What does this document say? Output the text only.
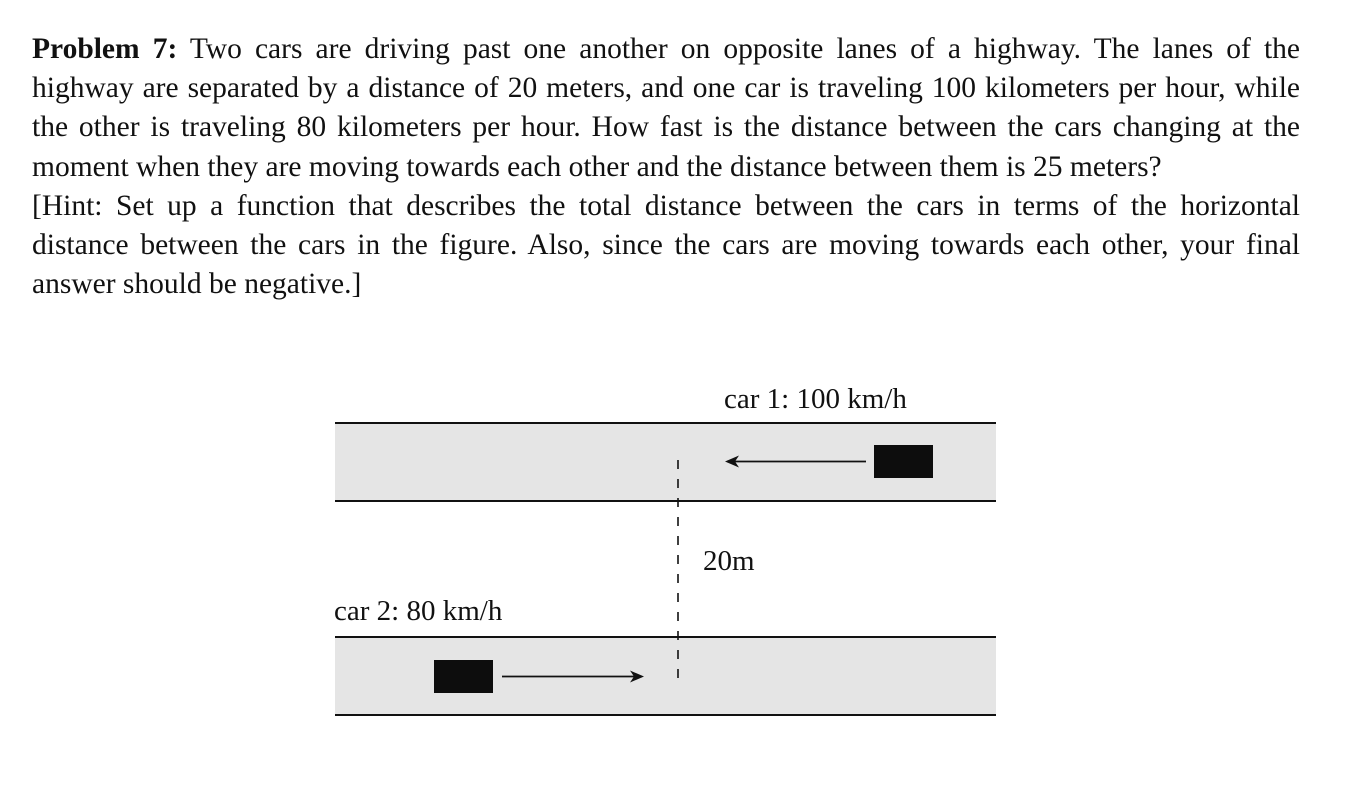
Problem 7: Two cars are driving past one another on opposite lanes of a highway. The lanes of the highway are separated by a distance of 20 meters, and one car is traveling 100 kilometers per hour, while the other is traveling 80 kilometers per hour. How fast is the distance between the cars changing at the moment when they are moving towards each other and the distance between them is 25 meters?

[Hint: Set up a function that describes the total distance between the cars in terms of the horizontal distance between the cars in the figure. Also, since the cars are moving towards each other, your final answer should be negative.]

car 1: 100 km/h
car 2: 80 km/h
20m
